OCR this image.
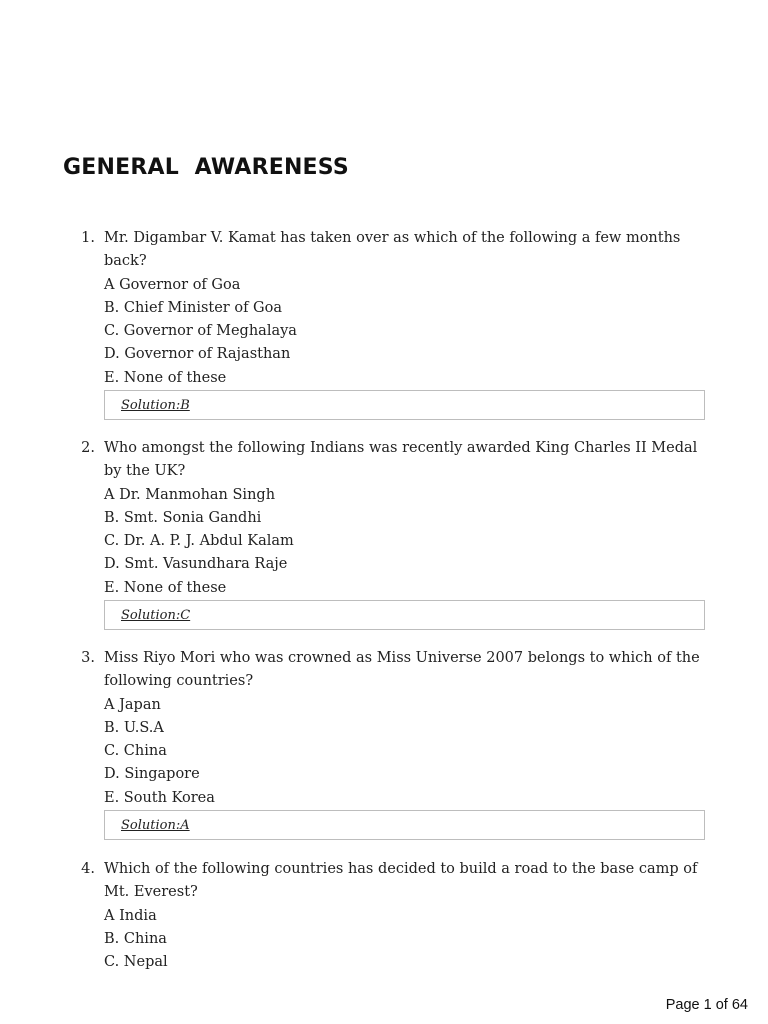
GENERAL  AWARENESS
1. Mr. Digambar V. Kamat has taken over as which of the following a few months back?
A Governor of Goa
B. Chief Minister of Goa
C. Governor of Meghalaya
D. Governor of Rajasthan
E. None of these
Solution:B
2. Who amongst the following Indians was recently awarded King Charles II Medal by the UK?
A Dr. Manmohan Singh
B. Smt. Sonia Gandhi
C. Dr. A. P. J. Abdul Kalam
D. Smt. Vasundhara Raje
E. None of these
Solution:C
3. Miss Riyo Mori who was crowned as Miss Universe 2007 belongs to which of the following countries?
A Japan
B. U.S.A
C. China
D. Singapore
E. South Korea
Solution:A
4. Which of the following countries has decided to build a road to the base camp of Mt. Everest?
A India
B. China
C. Nepal
Page 1 of 64
